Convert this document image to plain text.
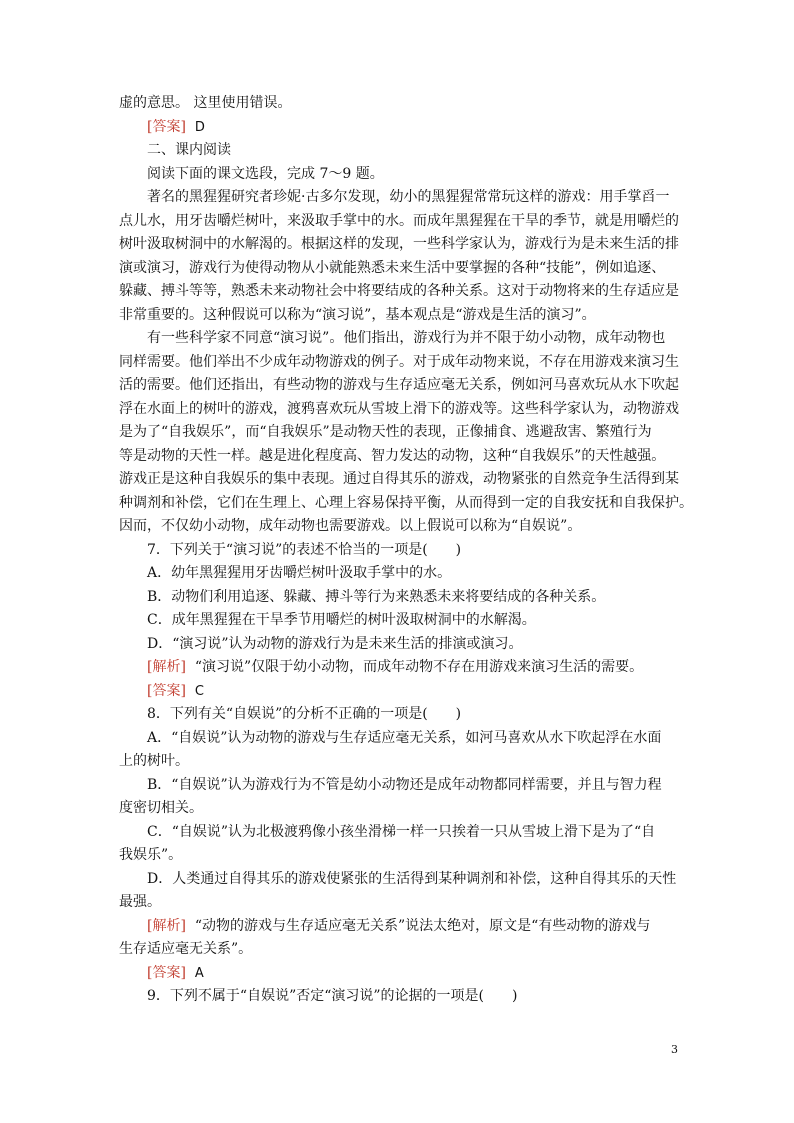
虚的意思。 这里使用错误。
[答案] D
二、课内阅读
阅读下面的课文选段，完成 7～9 题。
著名的黑猩猩研究者珍妮·古多尔发现，幼小的黑猩猩常常玩这样的游戏：用手掌舀一
点儿水，用牙齿嚼烂树叶，来汲取手掌中的水。而成年黑猩猩在干旱的季节，就是用嚼烂的
树叶汲取树洞中的水解渴的。根据这样的发现，一些科学家认为，游戏行为是未来生活的排
演或演习，游戏行为使得动物从小就能熟悉未来生活中要掌握的各种“技能”，例如追逐、
躲藏、搏斗等等，熟悉未来动物社会中将要结成的各种关系。这对于动物将来的生存适应是
非常重要的。这种假说可以称为“演习说”，基本观点是“游戏是生活的演习”。
有一些科学家不同意“演习说”。他们指出，游戏行为并不限于幼小动物，成年动物也
同样需要。他们举出不少成年动物游戏的例子。对于成年动物来说，不存在用游戏来演习生
活的需要。他们还指出，有些动物的游戏与生存适应毫无关系，例如河马喜欢玩从水下吹起
浮在水面上的树叶的游戏，渡鸦喜欢玩从雪坡上滑下的游戏等。这些科学家认为，动物游戏
是为了“自我娱乐”，而“自我娱乐”是动物天性的表现，正像捕食、逃避敌害、繁殖行为
等是动物的天性一样。越是进化程度高、智力发达的动物，这种“自我娱乐”的天性越强。
游戏正是这种自我娱乐的集中表现。通过自得其乐的游戏，动物紧张的自然竞争生活得到某
种调剂和补偿，它们在生理上、心理上容易保持平衡，从而得到一定的自我安抚和自我保护。
因而，不仅幼小动物，成年动物也需要游戏。以上假说可以称为“自娱说”。
7．下列关于“演习说”的表述不恰当的一项是(　　)
A．幼年黑猩猩用牙齿嚼烂树叶汲取手掌中的水。
B．动物们利用追逐、躲藏、搏斗等行为来熟悉未来将要结成的各种关系。
C．成年黑猩猩在干旱季节用嚼烂的树叶汲取树洞中的水解渴。
D．“演习说”认为动物的游戏行为是未来生活的排演或演习。
[解析] “演习说”仅限于幼小动物，而成年动物不存在用游戏来演习生活的需要。
[答案] C
8．下列有关“自娱说”的分析不正确的一项是(　　)
A．“自娱说”认为动物的游戏与生存适应毫无关系，如河马喜欢从水下吹起浮在水面
上的树叶。
B．“自娱说”认为游戏行为不管是幼小动物还是成年动物都同样需要，并且与智力程
度密切相关。
C．“自娱说”认为北极渡鸦像小孩坐滑梯一样一只挨着一只从雪坡上滑下是为了“自
我娱乐”。
D．人类通过自得其乐的游戏使紧张的生活得到某种调剂和补偿，这种自得其乐的天性
最强。
[解析] “动物的游戏与生存适应毫无关系”说法太绝对，原文是“有些动物的游戏与
生存适应毫无关系”。
[答案] A
9．下列不属于“自娱说”否定“演习说”的论据的一项是(　　)
3
